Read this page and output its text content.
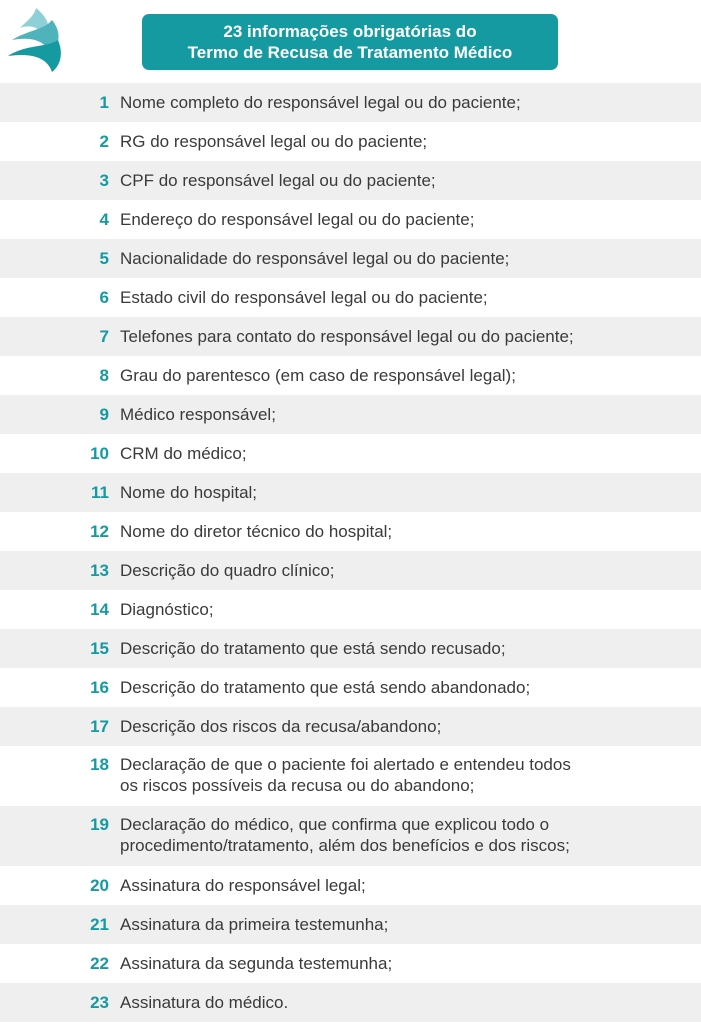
23 informações obrigatórias do
Termo de Recusa de Tratamento Médico
1 Nome completo do responsável legal ou do paciente;
2 RG do responsável legal ou do paciente;
3 CPF do responsável legal ou do paciente;
4 Endereço do responsável legal ou do paciente;
5 Nacionalidade do responsável legal ou do paciente;
6 Estado civil do responsável legal ou do paciente;
7 Telefones para contato do responsável legal ou do paciente;
8 Grau do parentesco (em caso de responsável legal);
9 Médico responsável;
10 CRM do médico;
11 Nome do hospital;
12 Nome do diretor técnico do hospital;
13 Descrição do quadro clínico;
14 Diagnóstico;
15 Descrição do tratamento que está sendo recusado;
16 Descrição do tratamento que está sendo abandonado;
17 Descrição dos riscos da recusa/abandono;
18 Declaração de que o paciente foi alertado e entendeu todos
os riscos possíveis da recusa ou do abandono;
19 Declaração do médico, que confirma que explicou todo o
procedimento/tratamento, além dos benefícios e dos riscos;
20 Assinatura do responsável legal;
21 Assinatura da primeira testemunha;
22 Assinatura da segunda testemunha;
23 Assinatura do médico.
